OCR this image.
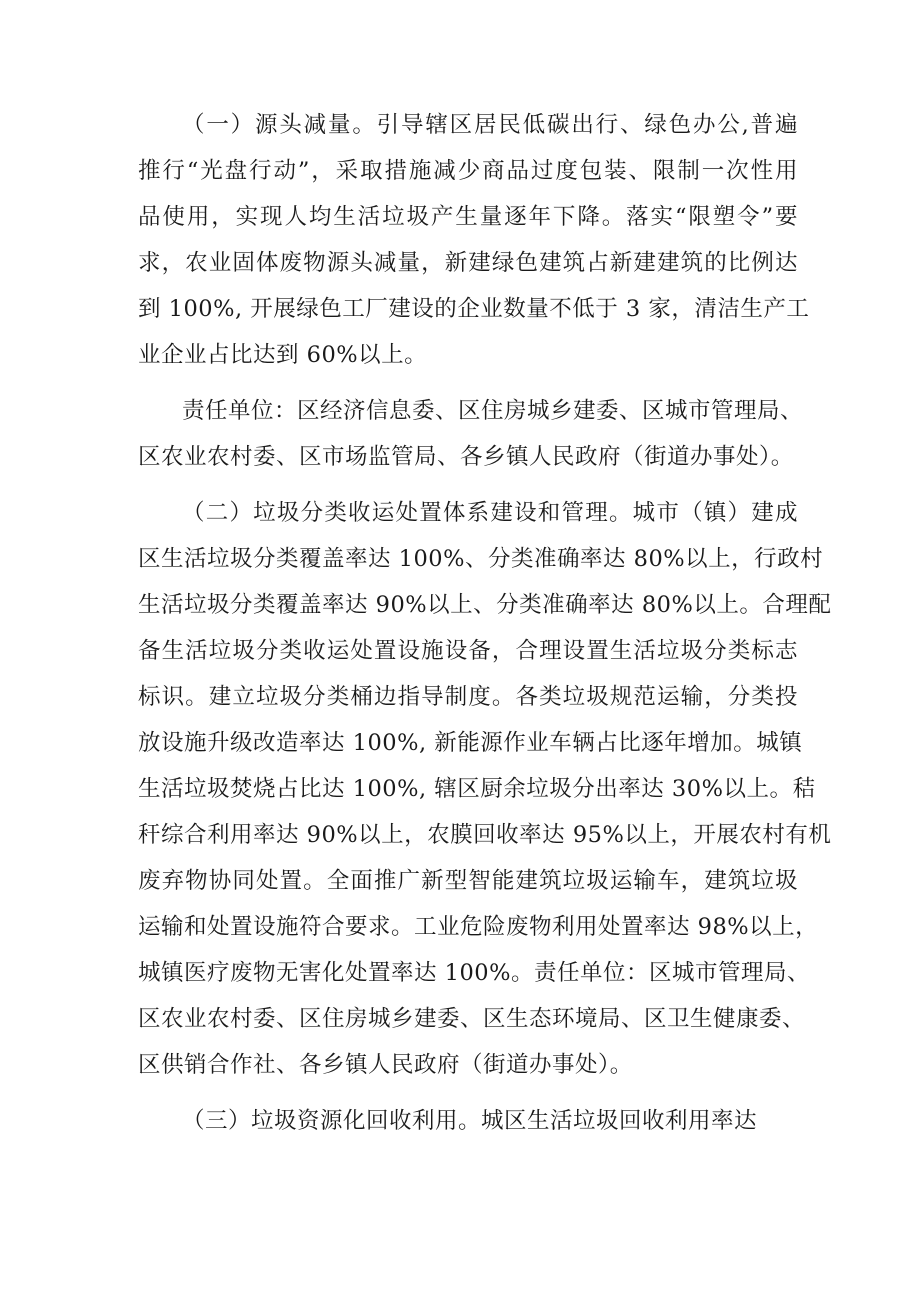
（一）源头减量。引导辖区居民低碳出行、绿色办公,普遍
推行“光盘行动”，采取措施减少商品过度包装、限制一次性用
品使用，实现人均生活垃圾产生量逐年下降。落实“限塑令”要
求，农业固体废物源头减量，新建绿色建筑占新建建筑的比例达
到 100%, 开展绿色工厂建设的企业数量不低于 3 家，清洁生产工
业企业占比达到 60%以上。
责任单位：区经济信息委、区住房城乡建委、区城市管理局、
区农业农村委、区市场监管局、各乡镇人民政府（街道办事处）。
（二）垃圾分类收运处置体系建设和管理。城市（镇）建成
区生活垃圾分类覆盖率达 100%、分类准确率达 80%以上，行政村
生活垃圾分类覆盖率达 90%以上、分类准确率达 80%以上。合理配
备生活垃圾分类收运处置设施设备，合理设置生活垃圾分类标志
标识。建立垃圾分类桶边指导制度。各类垃圾规范运输，分类投
放设施升级改造率达 100%, 新能源作业车辆占比逐年增加。城镇
生活垃圾焚烧占比达 100%, 辖区厨余垃圾分出率达 30%以上。秸
秆综合利用率达 90%以上，农膜回收率达 95%以上，开展农村有机
废弃物协同处置。全面推广新型智能建筑垃圾运输车，建筑垃圾
运输和处置设施符合要求。工业危险废物利用处置率达 98%以上，
城镇医疗废物无害化处置率达 100%。责任单位：区城市管理局、
区农业农村委、区住房城乡建委、区生态环境局、区卫生健康委、
区供销合作社、各乡镇人民政府（街道办事处）。
（三）垃圾资源化回收利用。城区生活垃圾回收利用率达
